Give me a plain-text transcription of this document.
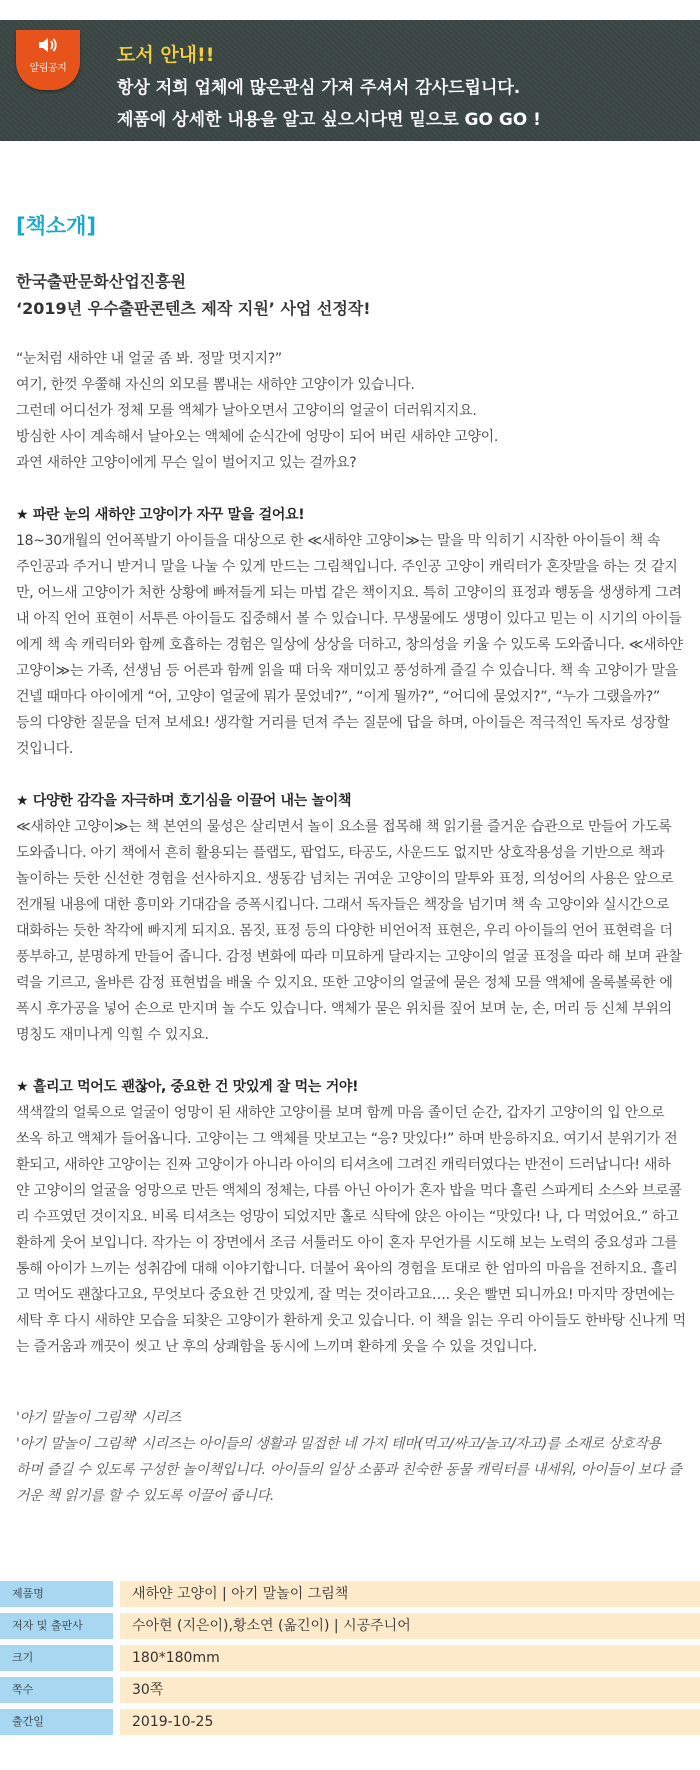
알림공지
도서 안내!!
항상 저희 업체에 많은관심 가져 주셔서 감사드립니다.
제품에 상세한 내용을 알고 싶으시다면 밑으로 GO GO !
[책소개]
한국출판문화산업진흥원
‘2019년 우수출판콘텐츠 제작 지원’ 사업 선정작!

“눈처럼 새하얀 내 얼굴 좀 봐. 정말 멋지지?”

여기, 한껏 우쭐해 자신의 외모를 뽐내는 새하얀 고양이가 있습니다.

그런데 어디선가 정체 모를 액체가 날아오면서 고양이의 얼굴이 더러워지지요.

방심한 사이 계속해서 날아오는 액체에 순식간에 엉망이 되어 버린 새하얀 고양이.

과연 새하얀 고양이에게 무슨 일이 벌어지고 있는 걸까요?

★ 파란 눈의 새하얀 고양이가 자꾸 말을 걸어요!

18~30개월의 언어폭발기 아이들을 대상으로 한 ≪새하얀 고양이≫는 말을 막 익히기 시작한 아이들이 책 속

주인공과 주거니 받거니 말을 나눌 수 있게 만드는 그림책입니다. 주인공 고양이 캐릭터가 혼잣말을 하는 것 같지

만, 어느새 고양이가 처한 상황에 빠져들게 되는 마법 같은 책이지요. 특히 고양이의 표정과 행동을 생생하게 그려

내 아직 언어 표현이 서투른 아이들도 집중해서 볼 수 있습니다. 무생물에도 생명이 있다고 믿는 이 시기의 아이들

에게 책 속 캐릭터와 함께 호흡하는 경험은 일상에 상상을 더하고, 창의성을 키울 수 있도록 도와줍니다. ≪새하얀

고양이≫는 가족, 선생님 등 어른과 함께 읽을 때 더욱 재미있고 풍성하게 즐길 수 있습니다. 책 속 고양이가 말을

건넬 때마다 아이에게 “어, 고양이 얼굴에 뭐가 묻었네?”, “이게 뭘까?”, “어디에 묻었지?”, “누가 그랬을까?”

등의 다양한 질문을 던져 보세요! 생각할 거리를 던져 주는 질문에 답을 하며, 아이들은 적극적인 독자로 성장할

것입니다.

★ 다양한 감각을 자극하며 호기심을 이끌어 내는 놀이책

≪새하얀 고양이≫는 책 본연의 물성은 살리면서 놀이 요소를 접목해 책 읽기를 즐거운 습관으로 만들어 가도록

도와줍니다. 아기 책에서 흔히 활용되는 플랩도, 팝업도, 타공도, 사운드도 없지만 상호작용성을 기반으로 책과

놀이하는 듯한 신선한 경험을 선사하지요. 생동감 넘치는 귀여운 고양이의 말투와 표정, 의성어의 사용은 앞으로

전개될 내용에 대한 흥미와 기대감을 증폭시킵니다. 그래서 독자들은 책장을 넘기며 책 속 고양이와 실시간으로

대화하는 듯한 착각에 빠지게 되지요. 몸짓, 표정 등의 다양한 비언어적 표현은, 우리 아이들의 언어 표현력을 더

풍부하고, 분명하게 만들어 줍니다. 감정 변화에 따라 미묘하게 달라지는 고양이의 얼굴 표정을 따라 해 보며 관찰

력을 기르고, 올바른 감정 표현법을 배울 수 있지요. 또한 고양이의 얼굴에 묻은 정체 모를 액체에 올록볼록한 에

폭시 후가공을 넣어 손으로 만지며 놀 수도 있습니다. 액체가 묻은 위치를 짚어 보며 눈, 손, 머리 등 신체 부위의

명칭도 재미나게 익힐 수 있지요.

★ 흘리고 먹어도 괜찮아, 중요한 건 맛있게 잘 먹는 거야!

색색깔의 얼룩으로 얼굴이 엉망이 된 새하얀 고양이를 보며 함께 마음 졸이던 순간, 갑자기 고양이의 입 안으로

쏘옥 하고 액체가 들어옵니다. 고양이는 그 액체를 맛보고는 “응? 맛있다!” 하며 반응하지요. 여기서 분위기가 전

환되고, 새하얀 고양이는 진짜 고양이가 아니라 아이의 티셔츠에 그려진 캐릭터였다는 반전이 드러납니다! 새하

얀 고양이의 얼굴을 엉망으로 만든 액체의 정체는, 다름 아닌 아이가 혼자 밥을 먹다 흘린 스파게티 소스와 브로콜

리 수프였던 것이지요. 비록 티셔츠는 엉망이 되었지만 홀로 식탁에 앉은 아이는 “맛있다! 나, 다 먹었어요.” 하고

환하게 웃어 보입니다. 작가는 이 장면에서 조금 서툴러도 아이 혼자 무언가를 시도해 보는 노력의 중요성과 그를

통해 아이가 느끼는 성취감에 대해 이야기합니다. 더불어 육아의 경험을 토대로 한 엄마의 마음을 전하지요. 흘리

고 먹어도 괜찮다고요, 무엇보다 중요한 건 맛있게, 잘 먹는 것이라고요…. 옷은 빨면 되니까요! 마지막 장면에는

세탁 후 다시 새하얀 모습을 되찾은 고양이가 환하게 웃고 있습니다. 이 책을 읽는 우리 아이들도 한바탕 신나게 먹

는 즐거움과 깨끗이 씻고 난 후의 상쾌함을 동시에 느끼며 환하게 웃을 수 있을 것입니다.

'아기 말놀이 그림책' 시리즈
'아기 말놀이 그림책' 시리즈는 아이들의 생활과 밀접한 네 가지 테마(먹고/싸고/놀고/자고)를 소재로 상호작용
하며 즐길 수 있도록 구성한 놀이책입니다. 아이들의 일상 소품과 친숙한 동물 캐릭터를 내세워, 아이들이 보다 즐
거운 책 읽기를 할 수 있도록 이끌어 줍니다.
제품명	새하얀 고양이 | 아기 말놀이 그림책
저자 및 출판사	수아현 (지은이),황소연 (옮긴이) | 시공주니어
크기	180*180mm
쪽수	30쪽
출간일	2019-10-25
